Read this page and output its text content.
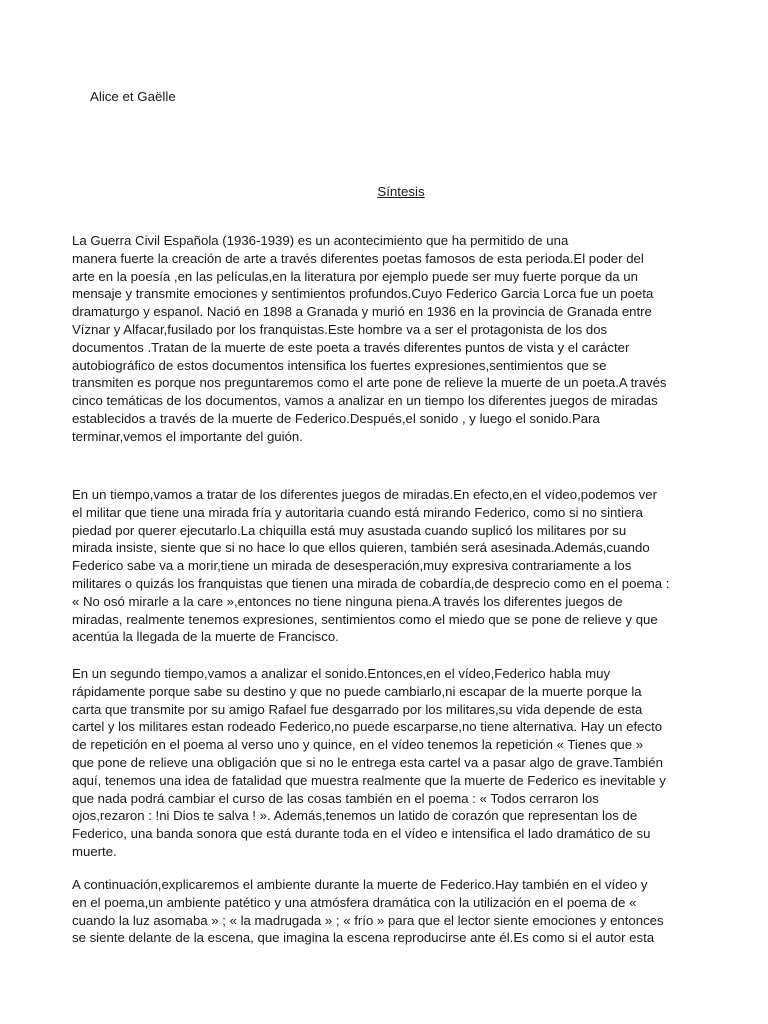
Alice et Gaëlle
Síntesis

La Guerra Civil Española (1936-1939) es un acontecimiento que ha permitido de una
manera fuerte la creación de arte a través diferentes poetas famosos de esta perioda.El poder del
arte en la poesía ,en las películas,en la literatura por ejemplo puede ser muy fuerte porque da un
mensaje y transmite emociones y sentimientos profundos.Cuyo Federico Garcia Lorca fue un poeta
dramaturgo y espanol. Nació en 1898 a Granada y murió en 1936 en la provincia de Granada entre
Víznar y Alfacar,fusilado por los franquistas.Este hombre va a ser el protagonista de los dos
documentos .Tratan de la muerte de este poeta a través diferentes puntos de vista y el carácter
autobiográfico de estos documentos intensifica los fuertes expresiones,sentimientos que se
transmiten es porque nos preguntaremos como el arte pone de relieve la muerte de un poeta.A través
cinco temáticas de los documentos, vamos a analizar en un tiempo los diferentes juegos de miradas
establecidos a través de la muerte de Federico.Después,el sonido , y luego el sonido.Para
terminar,vemos el importante del guión.

En un tiempo,vamos a tratar de los diferentes juegos de miradas.En efecto,en el vídeo,podemos ver
el militar que tiene una mirada fría y autoritaria cuando está mirando Federico, como si no sintiera
piedad por querer ejecutarlo.La chiquilla está muy asustada cuando suplicó los militares por su
mirada insiste, siente que si no hace lo que ellos quieren, también será asesinada.Además,cuando
Federico sabe va a morir,tiene un mirada de desesperación,muy expresiva contrariamente a los
militares o quizás los franquistas que tienen una mirada de cobardía,de desprecio como en el poema :
« No osó mirarle a la care »,entonces no tiene ninguna piena.A través los diferentes juegos de
miradas, realmente tenemos expresiones, sentimientos como el miedo que se pone de relieve y que
acentúa la llegada de la muerte de Francisco.

En un segundo tiempo,vamos a analizar el sonido.Entonces,en el vídeo,Federico habla muy
rápidamente porque sabe su destino y que no puede cambiarlo,ni escapar de la muerte porque la
carta que transmite por su amigo Rafael fue desgarrado por los militares,su vida depende de esta
cartel y los militares estan rodeado Federico,no puede escarparse,no tiene alternativa. Hay un efecto
de repetición en el poema al verso uno y quince, en el vídeo tenemos la repetición « Tienes que »
que pone de relieve una obligación que si no le entrega esta cartel va a pasar algo de grave.También
aquí, tenemos una idea de fatalidad que muestra realmente que la muerte de Federico es inevitable y
que nada podrá cambiar el curso de las cosas también en el poema : « Todos cerraron los
ojos,rezaron : !ni Dios te salva ! ». Además,tenemos un latido de corazón que representan los de
Federico, una banda sonora que está durante toda en el vídeo e intensifica el lado dramático de su
muerte.

A continuación,explicaremos el ambiente durante la muerte de Federico.Hay también en el vídeo y
en el poema,un ambiente patético y una atmósfera dramática con la utilización en el poema de «
cuando la luz asomaba » ; « la madrugada » ; « frío » para que el lector siente emociones y entonces
se siente delante de la escena, que imagina la escena reproducirse ante él.Es como si el autor esta
